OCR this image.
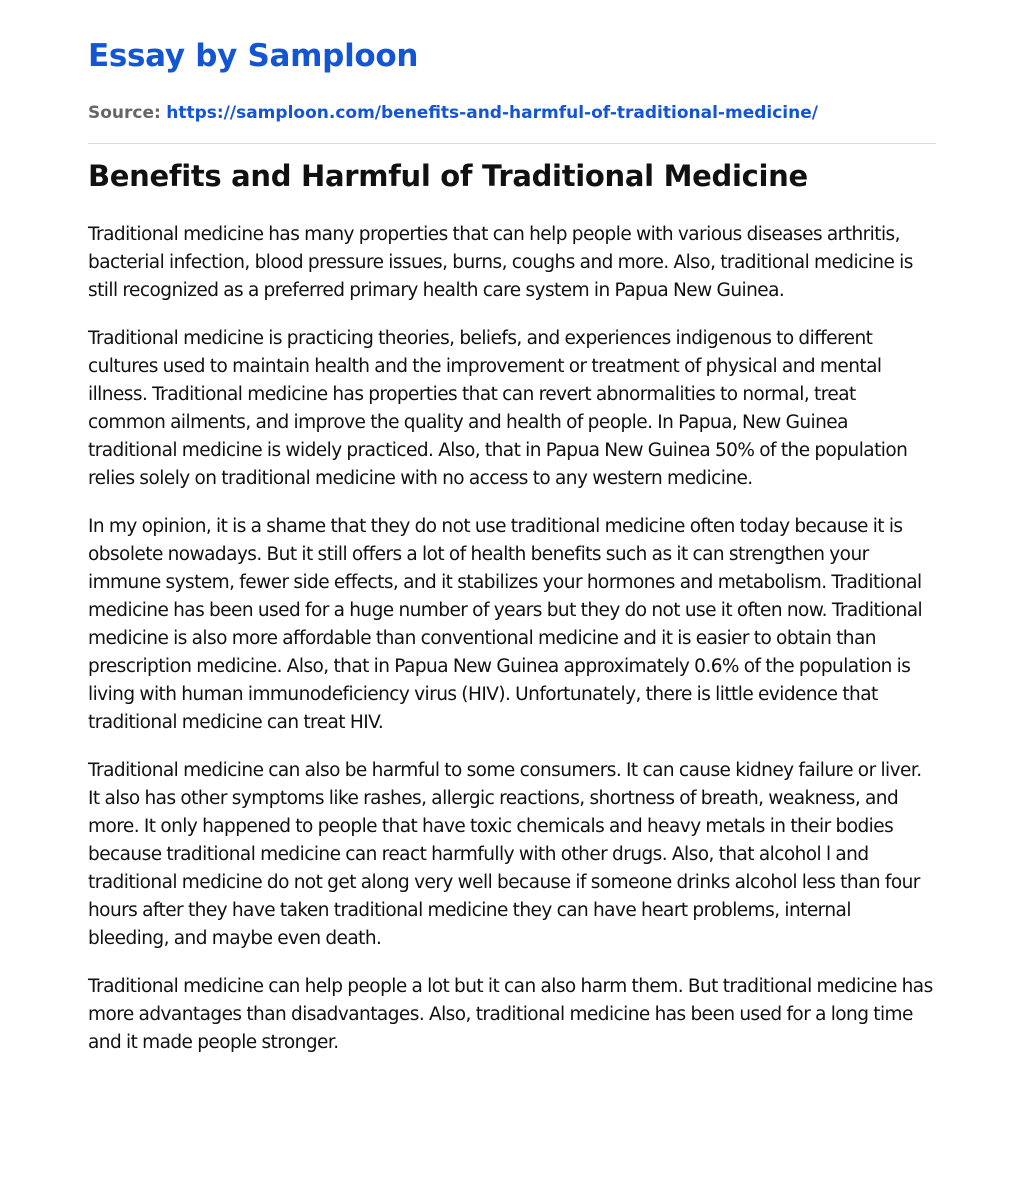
Essay by Samploon

Source: https://samploon.com/benefits-and-harmful-of-traditional-medicine/

Benefits and Harmful of Traditional Medicine

Traditional medicine has many properties that can help people with various diseases arthritis, bacterial infection, blood pressure issues, burns, coughs and more. Also, traditional medicine is still recognized as a preferred primary health care system in Papua New Guinea.

Traditional medicine is practicing theories, beliefs, and experiences indigenous to different cultures used to maintain health and the improvement or treatment of physical and mental illness. Traditional medicine has properties that can revert abnormalities to normal, treat common ailments, and improve the quality and health of people. In Papua, New Guinea traditional medicine is widely practiced. Also, that in Papua New Guinea 50% of the population relies solely on traditional medicine with no access to any western medicine.

In my opinion, it is a shame that they do not use traditional medicine often today because it is obsolete nowadays. But it still offers a lot of health benefits such as it can strengthen your immune system, fewer side effects, and it stabilizes your hormones and metabolism. Traditional medicine has been used for a huge number of years but they do not use it often now. Traditional medicine is also more affordable than conventional medicine and it is easier to obtain than prescription medicine. Also, that in Papua New Guinea approximately 0.6% of the population is living with human immunodeficiency virus (HIV). Unfortunately, there is little evidence that traditional medicine can treat HIV.

Traditional medicine can also be harmful to some consumers. It can cause kidney failure or liver. It also has other symptoms like rashes, allergic reactions, shortness of breath, weakness, and more. It only happened to people that have toxic chemicals and heavy metals in their bodies because traditional medicine can react harmfully with other drugs. Also, that alcohol l and traditional medicine do not get along very well because if someone drinks alcohol less than four hours after they have taken traditional medicine they can have heart problems, internal bleeding, and maybe even death.

Traditional medicine can help people a lot but it can also harm them. But traditional medicine has more advantages than disadvantages. Also, traditional medicine has been used for a long time and it made people stronger.
